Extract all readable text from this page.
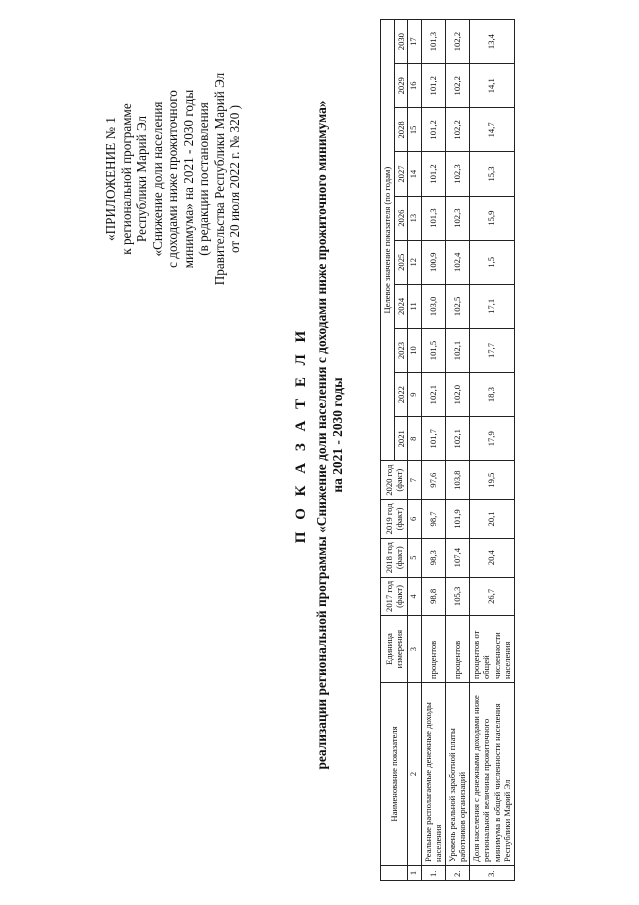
«ПРИЛОЖЕНИЕ № 1 к региональной программе Республики Марий Эл «Снижение доли населения с доходами ниже прожиточного минимума» на 2021 - 2030 годы (в редакции постановления Правительства Республики Марий Эл от 20 июля 2022 г. № 320 )
П О К А З А Т Е Л И реализации региональной программы «Снижение доли населения с доходами ниже прожиточного минимума» на 2021 - 2030 годы
	Наименование показателя	Единица измерения	2017 год (факт)	2018 год (факт)	2019 год (факт)	2020 год (факт)	Целевое значение показателя (по годам)									
							2021	2022	2023	2024	2025	2026	2027	2028	2029	2030
1	2	3	4	5	6	7	8	9	10	11	12	13	14	15	16	17
1.	Реальные располагаемые денежные доходы населения	процентов	98,8	98,3	98,7	97,6	101,7	102,1	101,5	103,0	100,9	101,3	101,2	101,2	101,2	101,3
2.	Уровень реальной заработной платы работников организаций	процентов	105,3	107,4	101,9	103,8	102,1	102,0	102,1	102,5	102,4	102,3	102,3	102,2	102,2	102,2
3.	Доля населения с денежными доходами ниже региональной величины прожиточного минимума в общей численности населения Республики Марий Эл	процентов от общей численности населения	26,7	20,4	20,1	19,5	17,9	18,3	17,7	17,1	1,5	15,9	15,3	14,7	14,1	13,4
